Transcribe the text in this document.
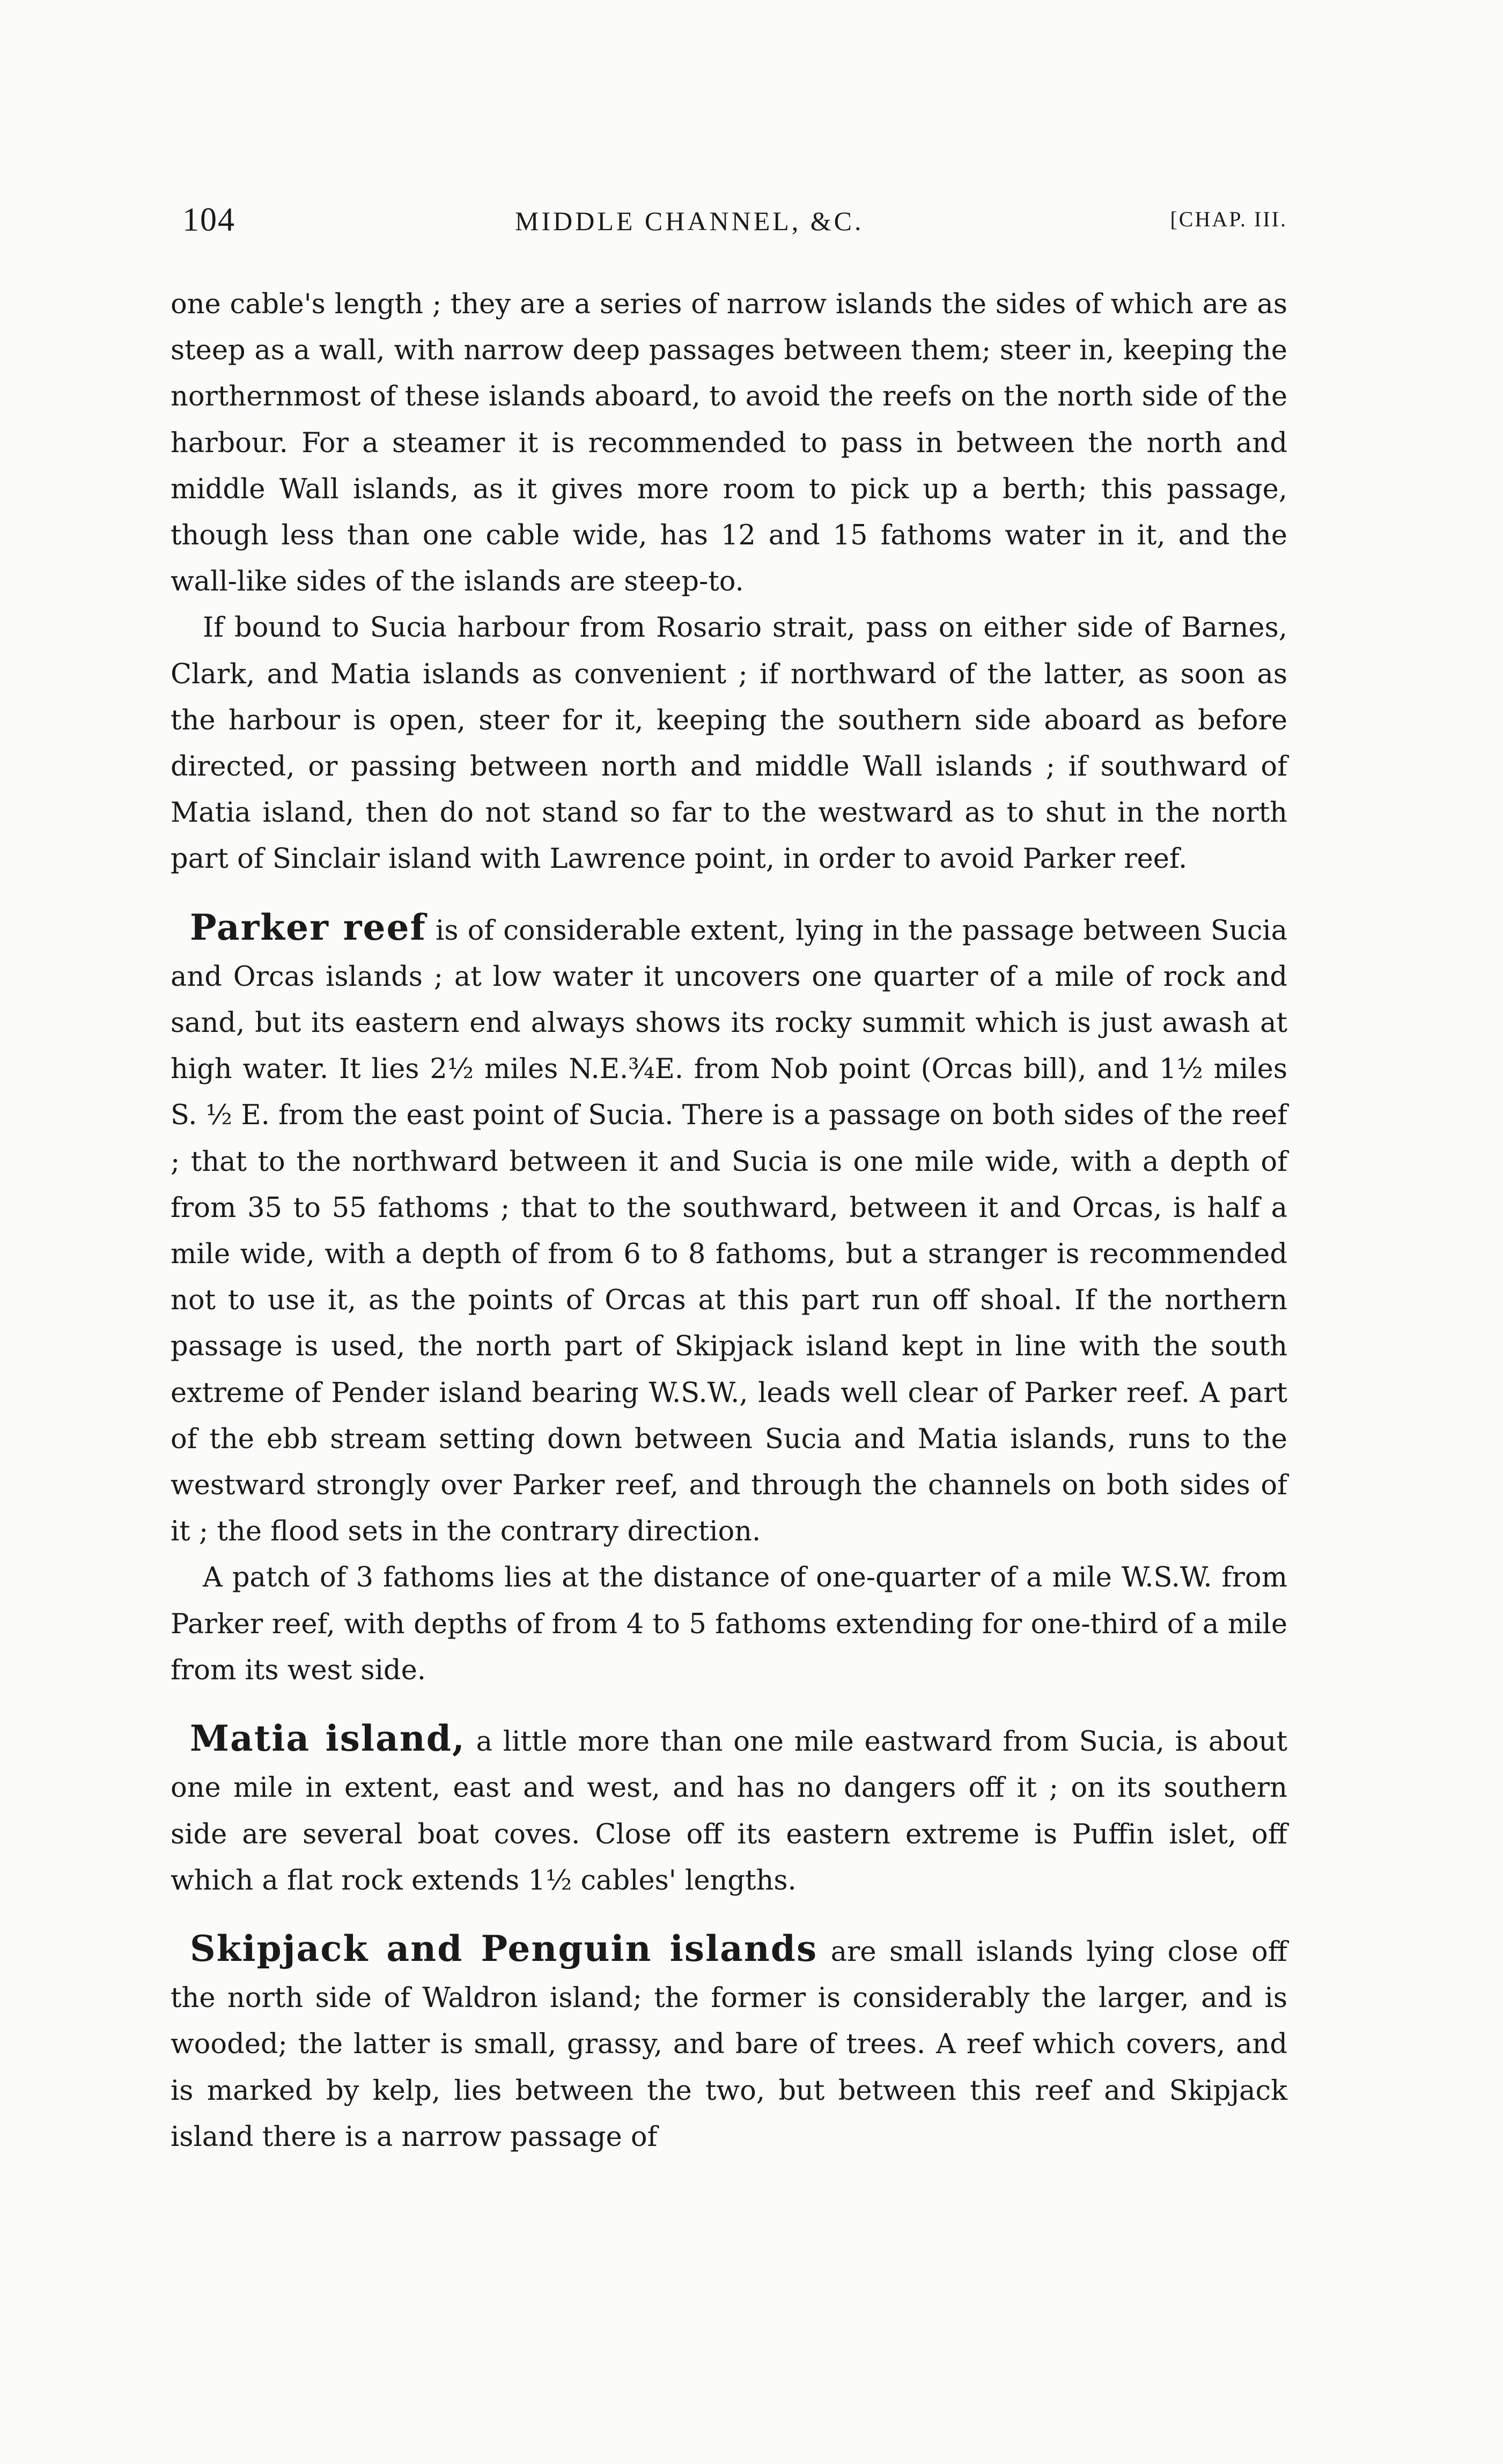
104	MIDDLE CHANNEL, &C.	[CHAP. III.

one cable's length ; they are a series of narrow islands the sides of which are as steep as a wall, with narrow deep passages between them; steer in, keeping the northernmost of these islands aboard, to avoid the reefs on the north side of the harbour. For a steamer it is recommended to pass in between the north and middle Wall islands, as it gives more room to pick up a berth; this passage, though less than one cable wide, has 12 and 15 fathoms water in it, and the wall-like sides of the islands are steep-to.

If bound to Sucia harbour from Rosario strait, pass on either side of Barnes, Clark, and Matia islands as convenient ; if northward of the latter, as soon as the harbour is open, steer for it, keeping the southern side aboard as before directed, or passing between north and middle Wall islands ; if southward of Matia island, then do not stand so far to the westward as to shut in the north part of Sinclair island with Lawrence point, in order to avoid Parker reef.

Parker reef is of considerable extent, lying in the passage between Sucia and Orcas islands ; at low water it uncovers one quarter of a mile of rock and sand, but its eastern end always shows its rocky summit which is just awash at high water. It lies 2½ miles N.E.¾E. from Nob point (Orcas bill), and 1½ miles S. ½ E. from the east point of Sucia. There is a passage on both sides of the reef ; that to the northward between it and Sucia is one mile wide, with a depth of from 35 to 55 fathoms ; that to the southward, between it and Orcas, is half a mile wide, with a depth of from 6 to 8 fathoms, but a stranger is recommended not to use it, as the points of Orcas at this part run off shoal. If the northern passage is used, the north part of Skipjack island kept in line with the south extreme of Pender island bearing W.S.W., leads well clear of Parker reef. A part of the ebb stream setting down between Sucia and Matia islands, runs to the westward strongly over Parker reef, and through the channels on both sides of it ; the flood sets in the contrary direction.

A patch of 3 fathoms lies at the distance of one-quarter of a mile W.S.W. from Parker reef, with depths of from 4 to 5 fathoms extending for one-third of a mile from its west side.

Matia island, a little more than one mile eastward from Sucia, is about one mile in extent, east and west, and has no dangers off it ; on its southern side are several boat coves. Close off its eastern extreme is Puffin islet, off which a flat rock extends 1½ cables' lengths.

Skipjack and Penguin islands are small islands lying close off the north side of Waldron island; the former is considerably the larger, and is wooded; the latter is small, grassy, and bare of trees. A reef which covers, and is marked by kelp, lies between the two, but between this reef and Skipjack island there is a narrow passage of
